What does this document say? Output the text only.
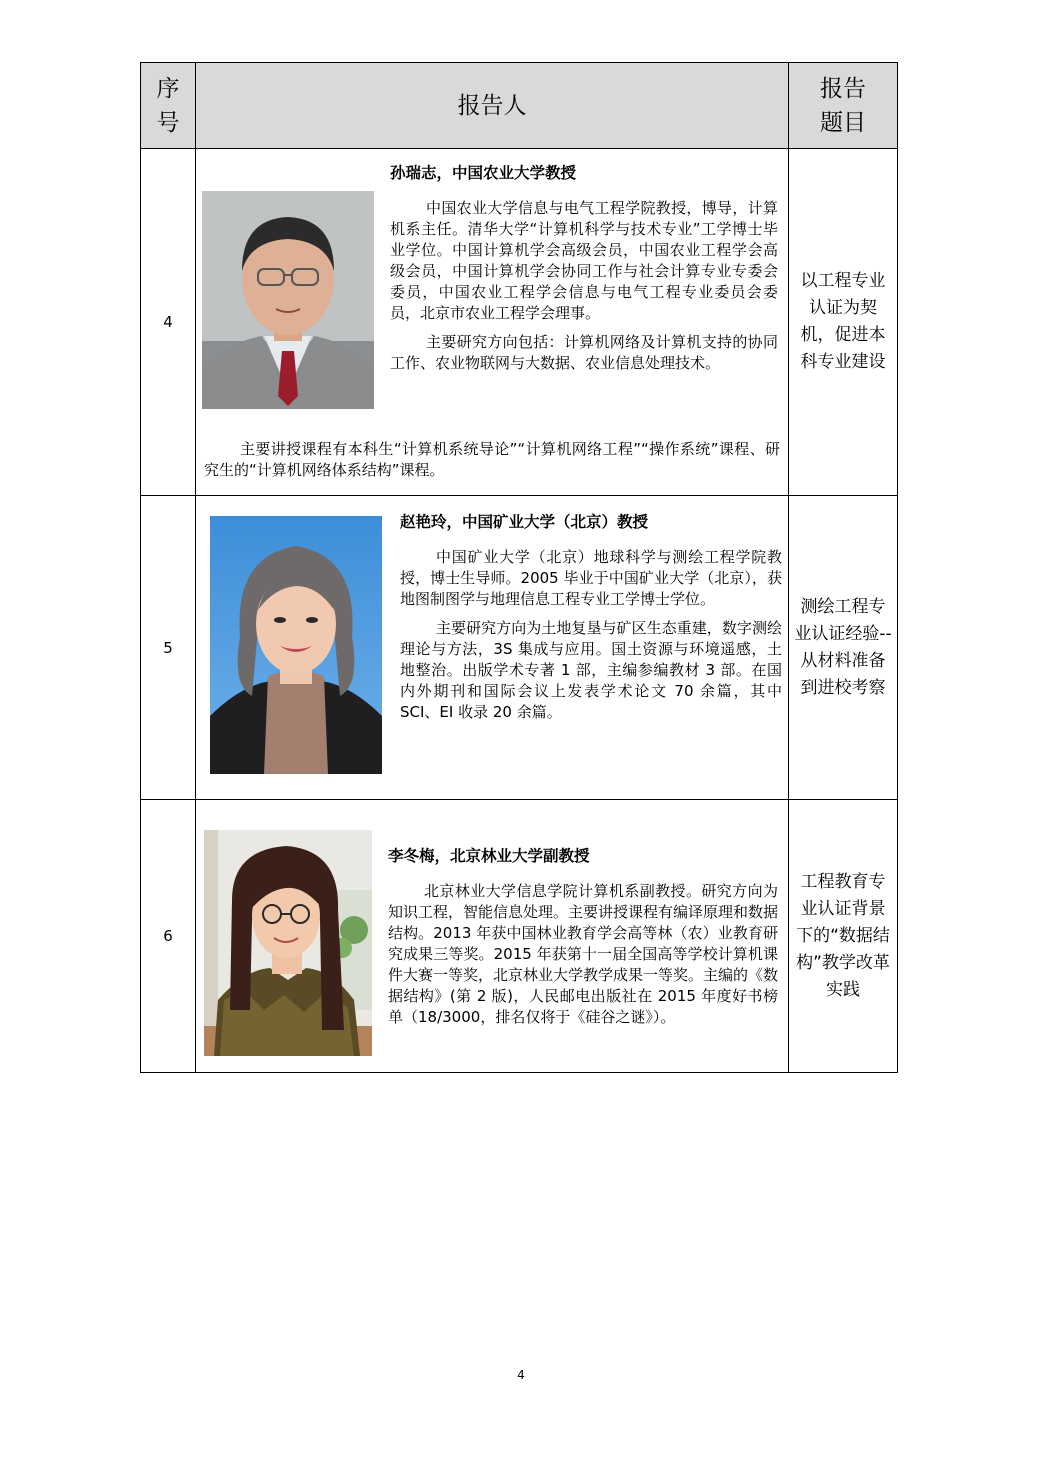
序号	报告人	报告题目

4	孙瑞志，中国农业大学教授

中国农业大学信息与电气工程学院教授，博导，计算机系主任。清华大学“计算机科学与技术专业”工学博士毕业学位。中国计算机学会高级会员，中国农业工程学会高级会员，中国计算机学会协同工作与社会计算专业专委会委员，中国农业工程学会信息与电气工程专业委员会委员，北京市农业工程学会理事。

主要研究方向包括：计算机网络及计算机支持的协同工作、农业物联网与大数据、农业信息处理技术。

主要讲授课程有本科生“计算机系统导论”“计算机网络工程”“操作系统”课程、研究生的“计算机网络体系结构”课程。	以工程专业认证为契机，促进本科专业建设
5	赵艳玲，中国矿业大学（北京）教授

中国矿业大学（北京）地球科学与测绘工程学院教授，博士生导师。2005 毕业于中国矿业大学（北京），获地图制图学与地理信息工程专业工学博士学位。

主要研究方向为土地复垦与矿区生态重建，数字测绘理论与方法，3S 集成与应用。国土资源与环境遥感，土地整治。出版学术专著 1 部，主编参编教材 3 部。在国内外期刊和国际会议上发表学术论文 70 余篇，其中 SCI、EI 收录 20 余篇。	测绘工程专业认证经验--从材料准备到进校考察
6	李冬梅，北京林业大学副教授

北京林业大学信息学院计算机系副教授。研究方向为知识工程，智能信息处理。主要讲授课程有编译原理和数据结构。2013 年获中国林业教育学会高等林（农）业教育研究成果三等奖。2015 年获第十一届全国高等学校计算机课件大赛一等奖，北京林业大学教学成果一等奖。主编的《数据结构》(第 2 版)，人民邮电出版社在 2015 年度好书榜单（18/3000，排名仅将于《硅谷之谜》）。	工程教育专业认证背景下的“数据结构”教学改革实践
4
